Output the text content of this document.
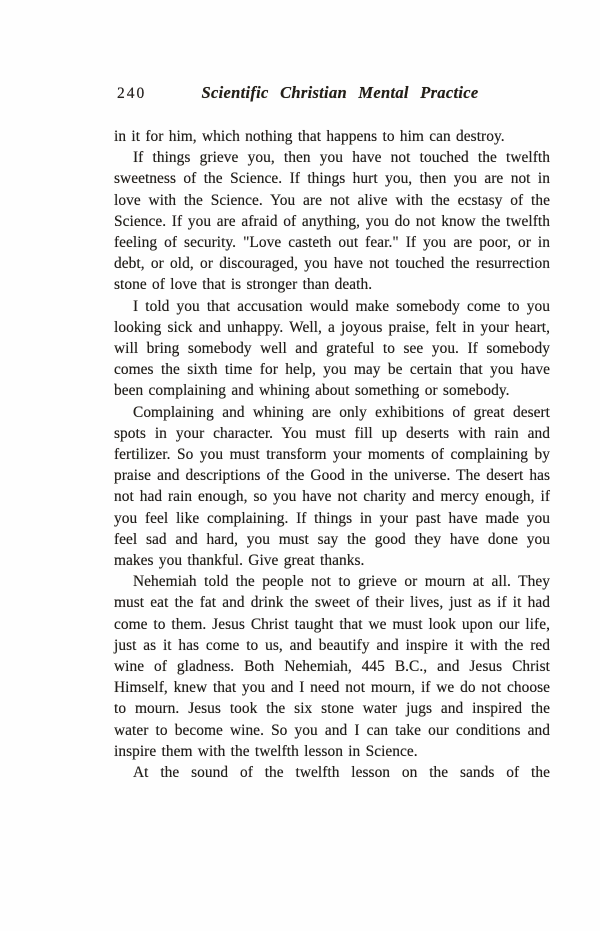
240	Scientific Christian Mental Practice

in it for him, which nothing that happens to him can destroy.

If things grieve you, then you have not touched the twelfth sweetness of the Science. If things hurt you, then you are not in love with the Science. You are not alive with the ecstasy of the Science. If you are afraid of anything, you do not know the twelfth feeling of security. "Love casteth out fear." If you are poor, or in debt, or old, or discouraged, you have not touched the resurrection stone of love that is stronger than death.

I told you that accusation would make somebody come to you looking sick and unhappy. Well, a joyous praise, felt in your heart, will bring somebody well and grateful to see you. If somebody comes the sixth time for help, you may be certain that you have been complaining and whining about something or somebody.

Complaining and whining are only exhibitions of great desert spots in your character. You must fill up deserts with rain and fertilizer. So you must transform your moments of complaining by praise and descriptions of the Good in the universe. The desert has not had rain enough, so you have not charity and mercy enough, if you feel like complaining. If things in your past have made you feel sad and hard, you must say the good they have done you makes you thankful. Give great thanks.

Nehemiah told the people not to grieve or mourn at all. They must eat the fat and drink the sweet of their lives, just as if it had come to them. Jesus Christ taught that we must look upon our life, just as it has come to us, and beautify and inspire it with the red wine of gladness. Both Nehemiah, 445 B.C., and Jesus Christ Himself, knew that you and I need not mourn, if we do not choose to mourn. Jesus took the six stone water jugs and inspired the water to become wine. So you and I can take our conditions and inspire them with the twelfth lesson in Science.

At the sound of the twelfth lesson on the sands of the
